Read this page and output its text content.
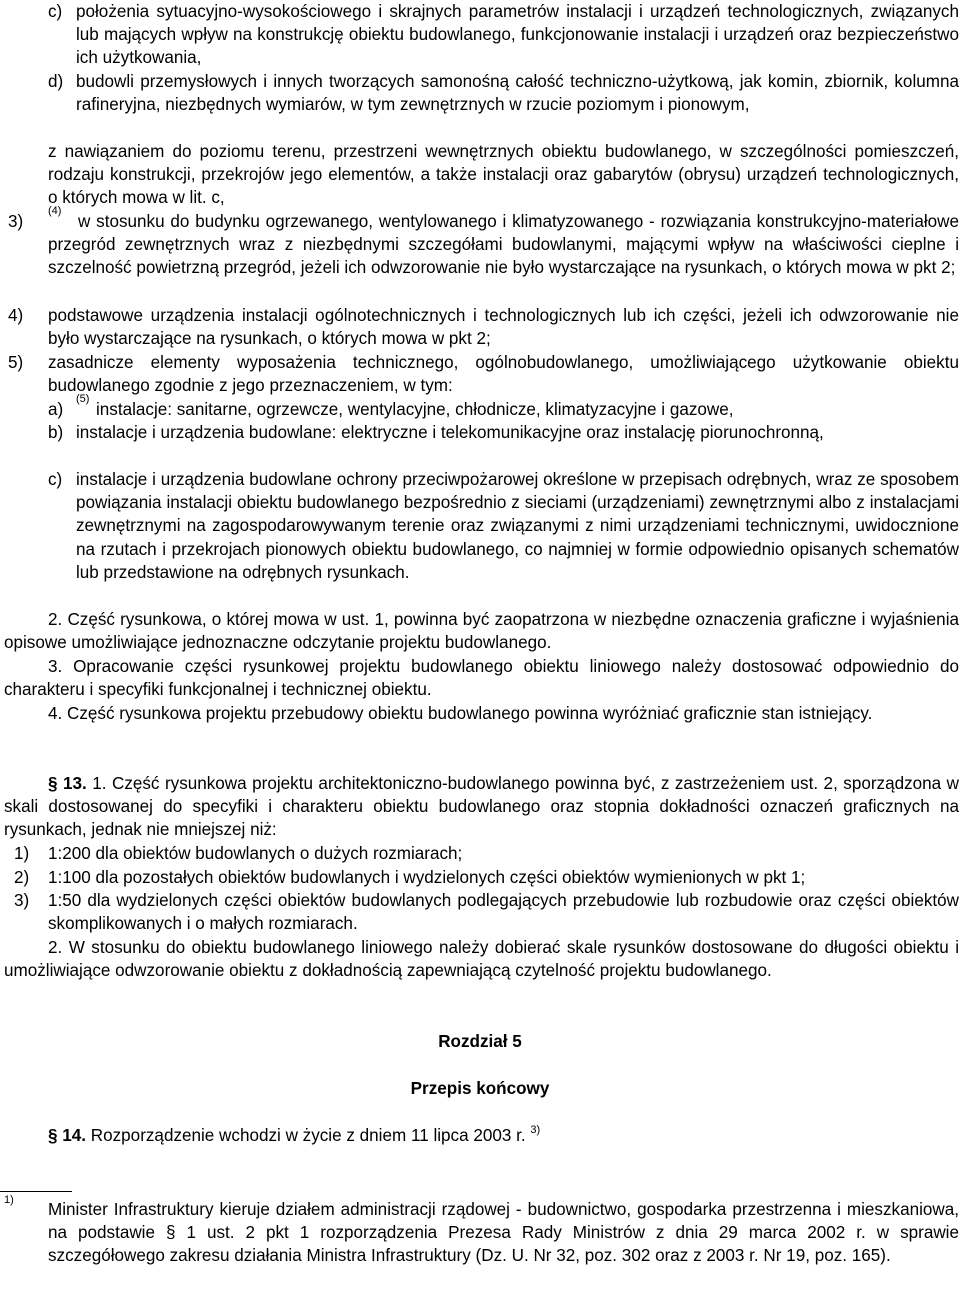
c) położenia sytuacyjno-wysokościowego i skrajnych parametrów instalacji i urządzeń technologicznych, związanych lub mających wpływ na konstrukcję obiektu budowlanego, funkcjonowanie instalacji i urządzeń oraz bezpieczeństwo ich użytkowania,
d) budowli przemysłowych i innych tworzących samonośną całość techniczno-użytkową, jak komin, zbiornik, kolumna rafineryjna, niezbędnych wymiarów, w tym zewnętrznych w rzucie poziomym i pionowym,
z nawiązaniem do poziomu terenu, przestrzeni wewnętrznych obiektu budowlanego, w szczególności pomieszczeń, rodzaju konstrukcji, przekrojów jego elementów, a także instalacji oraz gabarytów (obrysu) urządzeń technologicznych, o których mowa w lit. c,
3)
(4)
w stosunku do budynku ogrzewanego, wentylowanego i klimatyzowanego - rozwiązania konstrukcyjno-materiałowe przegród zewnętrznych wraz z niezbędnymi szczegółami budowlanymi, mającymi wpływ na właściwości cieplne i szczelność powietrzną przegród, jeżeli ich odwzorowanie nie było wystarczające na rysunkach, o których mowa w pkt 2;
4) podstawowe urządzenia instalacji ogólnotechnicznych i technologicznych lub ich części, jeżeli ich odwzorowanie nie było wystarczające na rysunkach, o których mowa w pkt 2;
5) zasadnicze elementy wyposażenia technicznego, ogólnobudowlanego, umożliwiającego użytkowanie obiektu budowlanego zgodnie z jego przeznaczeniem, w tym:
a)
(5)
instalacje: sanitarne, ogrzewcze, wentylacyjne, chłodnicze, klimatyzacyjne i gazowe,
b) instalacje i urządzenia budowlane: elektryczne i telekomunikacyjne oraz instalację piorunochronną,
c) instalacje i urządzenia budowlane ochrony przeciwpożarowej określone w przepisach odrębnych, wraz ze sposobem powiązania instalacji obiektu budowlanego bezpośrednio z sieciami (urządzeniami) zewnętrznymi albo z instalacjami zewnętrznymi na zagospodarowywanym terenie oraz związanymi z nimi urządzeniami technicznymi, uwidocznione na rzutach i przekrojach pionowych obiektu budowlanego, co najmniej w formie odpowiednio opisanych schematów lub przedstawione na odrębnych rysunkach.
2. Część rysunkowa, o której mowa w ust. 1, powinna być zaopatrzona w niezbędne oznaczenia graficzne i wyjaśnienia opisowe umożliwiające jednoznaczne odczytanie projektu budowlanego.
3. Opracowanie części rysunkowej projektu budowlanego obiektu liniowego należy dostosować odpowiednio do charakteru i specyfiki funkcjonalnej i technicznej obiektu.
4. Część rysunkowa projektu przebudowy obiektu budowlanego powinna wyróżniać graficznie stan istniejący.
§ 13. 1. Część rysunkowa projektu architektoniczno-budowlanego powinna być, z zastrzeżeniem ust. 2, sporządzona w skali dostosowanej do specyfiki i charakteru obiektu budowlanego oraz stopnia dokładności oznaczeń graficznych na rysunkach, jednak nie mniejszej niż:
1) 1:200 dla obiektów budowlanych o dużych rozmiarach;
2) 1:100 dla pozostałych obiektów budowlanych i wydzielonych części obiektów wymienionych w pkt 1;
3) 1:50 dla wydzielonych części obiektów budowlanych podlegających przebudowie lub rozbudowie oraz części obiektów skomplikowanych i o małych rozmiarach.
2. W stosunku do obiektu budowlanego liniowego należy dobierać skale rysunków dostosowane do długości obiektu i umożliwiające odwzorowanie obiektu z dokładnością zapewniającą czytelność projektu budowlanego.
Rozdział 5
Przepis końcowy
§ 14. Rozporządzenie wchodzi w życie z dniem 11 lipca 2003 r. $^{3)}$
1) Minister Infrastruktury kieruje działem administracji rządowej - budownictwo, gospodarka przestrzenna i mieszkaniowa, na podstawie § 1 ust. 2 pkt 1 rozporządzenia Prezesa Rady Ministrów z dnia 29 marca 2002 r. w sprawie szczegółowego zakresu działania Ministra Infrastruktury (Dz. U. Nr 32, poz. 302 oraz z 2003 r. Nr 19, poz. 165).
